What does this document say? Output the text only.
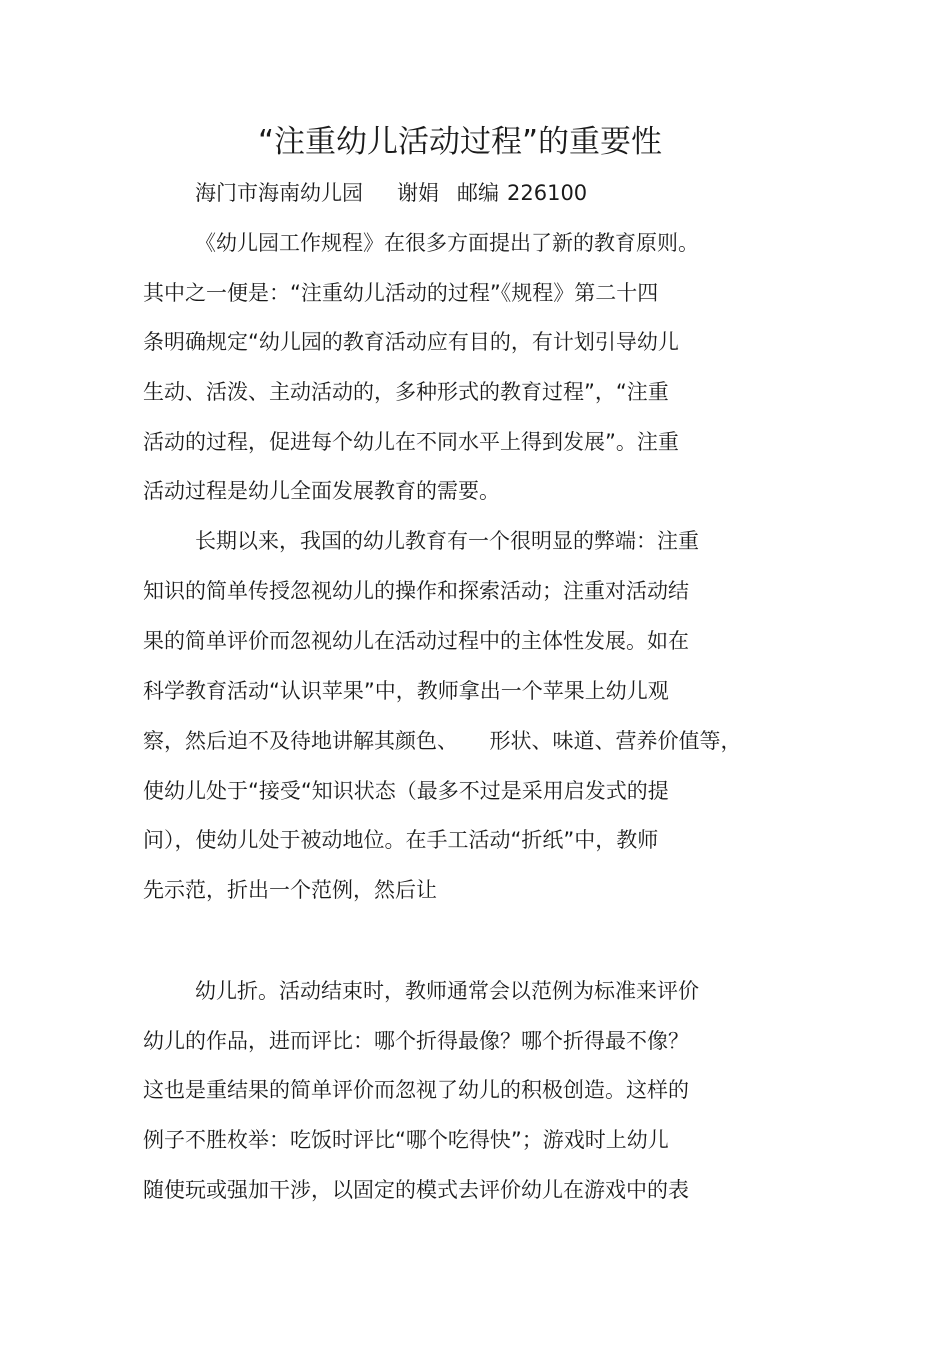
“注重幼儿活动过程”的重要性
海门市海南幼儿园 谢娟 邮编 226100
《幼儿园工作规程》在很多方面提出了新的教育原则。
其中之一便是：“注重幼儿活动的过程”《规程》第二十四
条明确规定“幼儿园的教育活动应有目的，有计划引导幼儿
生动、活泼、主动活动的，多种形式的教育过程”，“注重
活动的过程，促进每个幼儿在不同水平上得到发展”。注重
活动过程是幼儿全面发展教育的需要。
长期以来，我国的幼儿教育有一个很明显的弊端：注重
知识的简单传授忽视幼儿的操作和探索活动；注重对活动结
果的简单评价而忽视幼儿在活动过程中的主体性发展。如在
科学教育活动“认识苹果”中，教师拿出一个苹果上幼儿观
察，然后迫不及待地讲解其颜色、　　形状、味道、营养价值等，
使幼儿处于“接受“知识状态（最多不过是采用启发式的提
问），使幼儿处于被动地位。在手工活动“折纸”中，教师
先示范，折出一个范例，然后让
幼儿折。活动结束时，教师通常会以范例为标准来评价
幼儿的作品，进而评比：哪个折得最像？哪个折得最不像？
这也是重结果的简单评价而忽视了幼儿的积极创造。这样的
例子不胜枚举：吃饭时评比“哪个吃得快”；游戏时上幼儿
随使玩或强加干涉，以固定的模式去评价幼儿在游戏中的表
